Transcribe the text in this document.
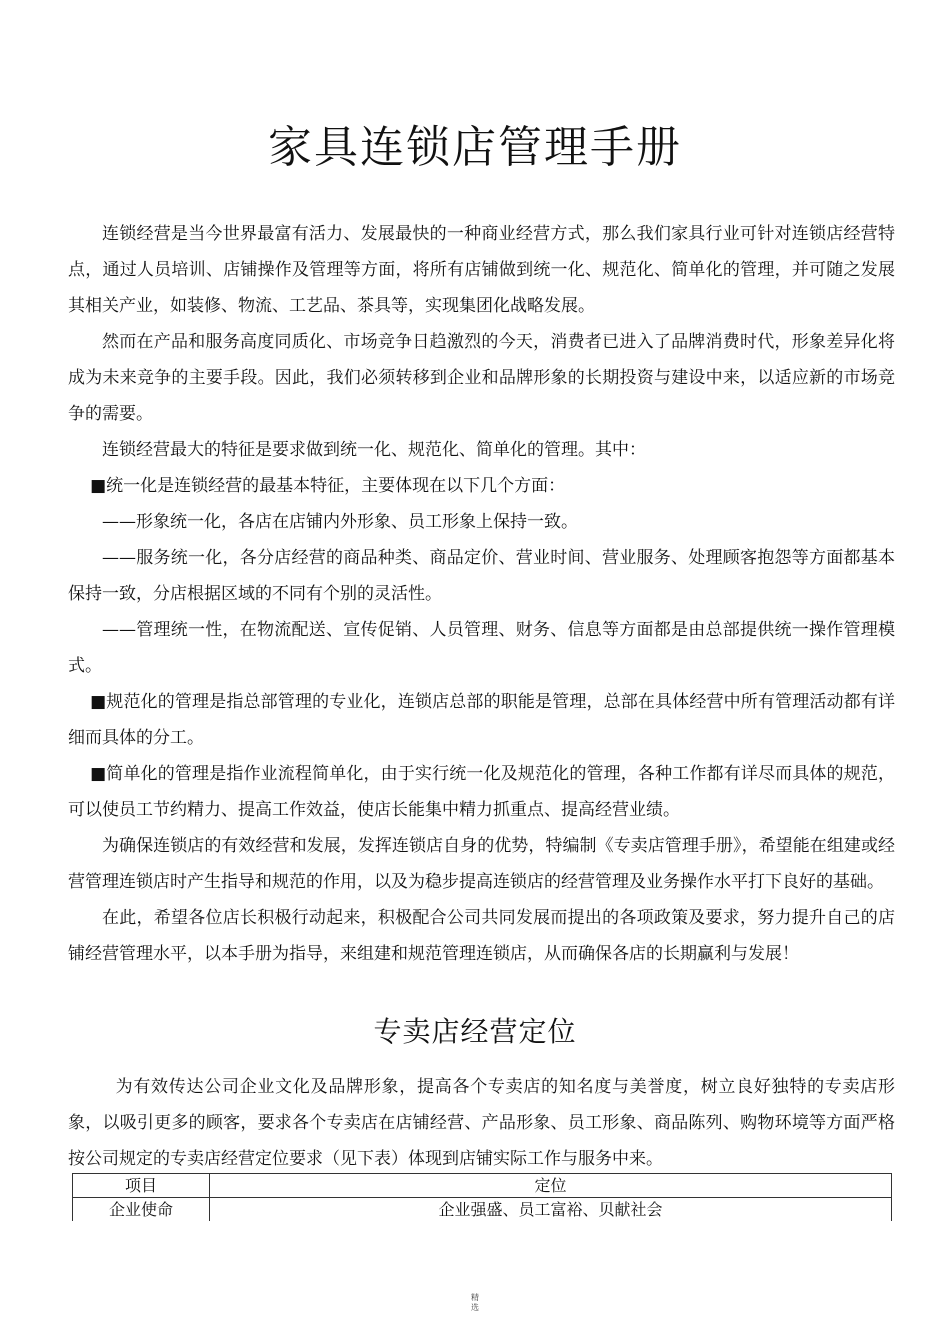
家具连锁店管理手册

连锁经营是当今世界最富有活力、发展最快的一种商业经营方式，那么我们家具行业可针对连锁店经营特点，通过人员培训、店铺操作及管理等方面，将所有店铺做到统一化、规范化、简单化的管理，并可随之发展其相关产业，如装修、物流、工艺品、茶具等，实现集团化战略发展。

然而在产品和服务高度同质化、市场竞争日趋激烈的今天，消费者已进入了品牌消费时代，形象差异化将成为未来竞争的主要手段。因此，我们必须转移到企业和品牌形象的长期投资与建设中来，以适应新的市场竞争的需要。

连锁经营最大的特征是要求做到统一化、规范化、简单化的管理。其中：

■统一化是连锁经营的最基本特征，主要体现在以下几个方面：

——形象统一化，各店在店铺内外形象、员工形象上保持一致。

——服务统一化，各分店经营的商品种类、商品定价、营业时间、营业服务、处理顾客抱怨等方面都基本保持一致，分店根据区域的不同有个别的灵活性。

——管理统一性，在物流配送、宣传促销、人员管理、财务、信息等方面都是由总部提供统一操作管理模式。

■规范化的管理是指总部管理的专业化，连锁店总部的职能是管理，总部在具体经营中所有管理活动都有详细而具体的分工。

■简单化的管理是指作业流程简单化，由于实行统一化及规范化的管理，各种工作都有详尽而具体的规范，可以使员工节约精力、提高工作效益，使店长能集中精力抓重点、提高经营业绩。

为确保连锁店的有效经营和发展，发挥连锁店自身的优势，特编制《专卖店管理手册》，希望能在组建或经营管理连锁店时产生指导和规范的作用，以及为稳步提高连锁店的经营管理及业务操作水平打下良好的基础。

在此，希望各位店长积极行动起来，积极配合公司共同发展而提出的各项政策及要求，努力提升自己的店铺经营管理水平，以本手册为指导，来组建和规范管理连锁店，从而确保各店的长期赢利与发展！

专卖店经营定位

为有效传达公司企业文化及品牌形象，提高各个专卖店的知名度与美誉度，树立良好独特的专卖店形象，以吸引更多的顾客，要求各个专卖店在店铺经营、产品形象、员工形象、商品陈列、购物环境等方面严格按公司规定的专卖店经营定位要求（见下表）体现到店铺实际工作与服务中来。

项目	定位
企业使命	企业强盛、员工富裕、贝献社会
精
选
